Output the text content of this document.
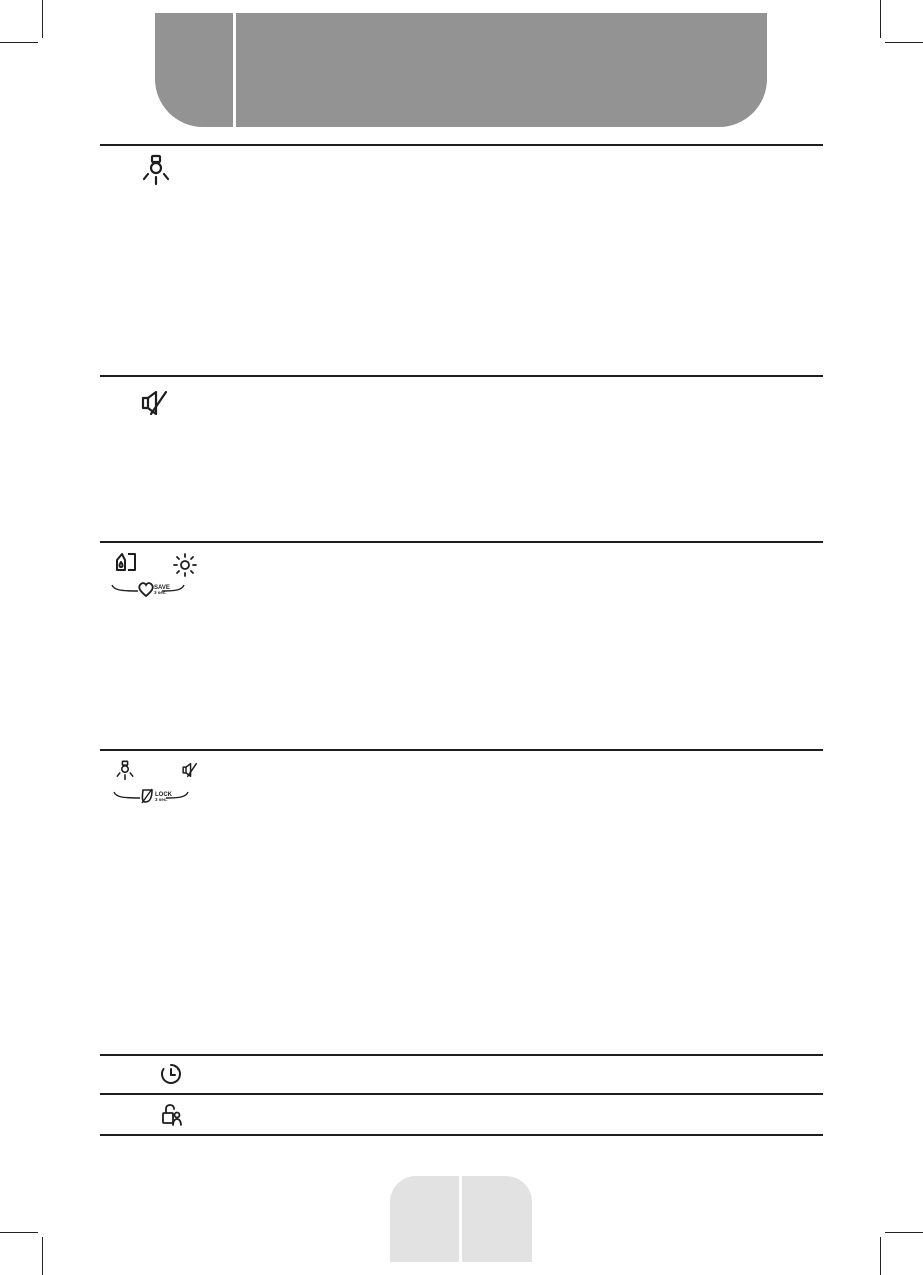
SAVE
3 sec.
LOCK
3 sec.
